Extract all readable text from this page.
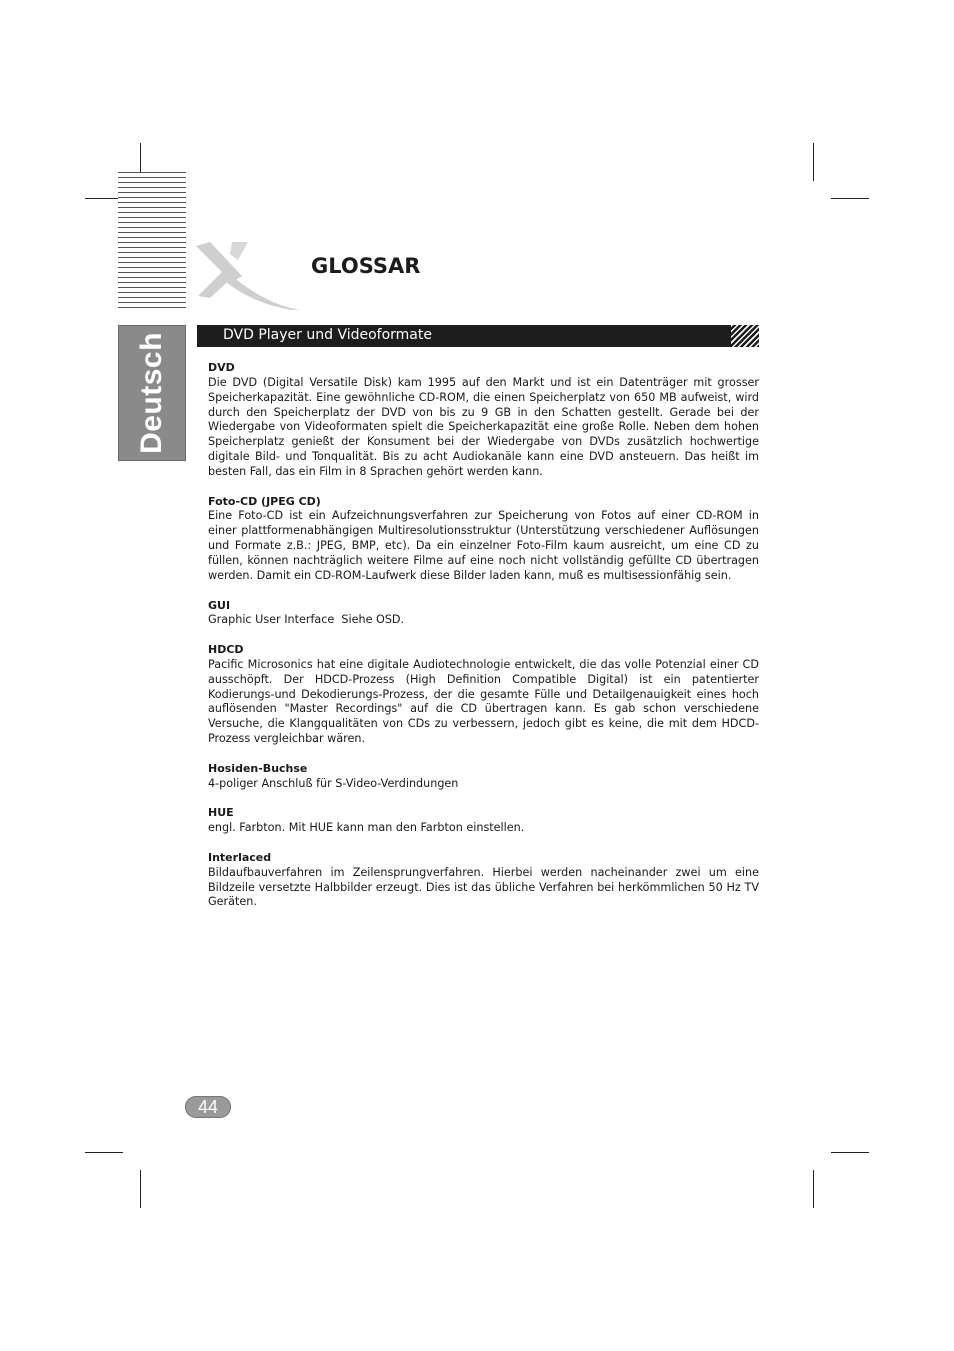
Deutsch
GLOSSAR
DVD Player und Videoformate
DVD
Die DVD (Digital Versatile Disk) kam 1995 auf den Markt und ist ein Datenträger mit grosser Speicherkapazität. Eine gewöhnliche CD-ROM, die einen Speicherplatz von 650 MB aufweist, wird durch den Speicherplatz der DVD von bis zu 9 GB in den Schatten gestellt. Gerade bei der Wiedergabe von Videoformaten spielt die Speicherkapazität eine große Rolle. Neben dem hohen Speicherplatz genießt der Konsument bei der Wiedergabe von DVDs zusätzlich hochwertige digitale Bild- und Tonqualität. Bis zu acht Audiokanäle kann eine DVD ansteuern. Das heißt im besten Fall, das ein Film in 8 Sprachen gehört werden kann.
Foto-CD (JPEG CD)
Eine Foto-CD ist ein Aufzeichnungsverfahren zur Speicherung von Fotos auf einer CD-ROM in einer plattformenabhängigen Multiresolutionsstruktur (Unterstützung verschiedener Auflösungen und Formate z.B.: JPEG, BMP, etc). Da ein einzelner Foto-Film kaum ausreicht, um eine CD zu füllen, können nachträglich weitere Filme auf eine noch nicht vollständig gefüllte CD übertragen werden. Damit ein CD-ROM-Laufwerk diese Bilder laden kann, muß es multisessionfähig sein.
GUI
Graphic User Interface  Siehe OSD.
HDCD
Pacific Microsonics hat eine digitale Audiotechnologie entwickelt, die das volle Potenzial einer CD ausschöpft. Der HDCD-Prozess (High Definition Compatible Digital) ist ein patentierter Kodierungs-und Dekodierungs-Prozess, der die gesamte Fülle und Detailgenauigkeit eines hoch auflösenden "Master Recordings" auf die CD übertragen kann. Es gab schon verschiedene Versuche, die Klangqualitäten von CDs zu verbessern, jedoch gibt es keine, die mit dem HDCD-Prozess vergleichbar wären.
Hosiden-Buchse
4-poliger Anschluß für S-Video-Verdindungen
HUE
engl. Farbton. Mit HUE kann man den Farbton einstellen.
Interlaced
Bildaufbauverfahren im Zeilensprungverfahren. Hierbei werden nacheinander zwei um eine Bildzeile versetzte Halbbilder erzeugt. Dies ist das übliche Verfahren bei herkömmlichen 50 Hz TV Geräten.
44
